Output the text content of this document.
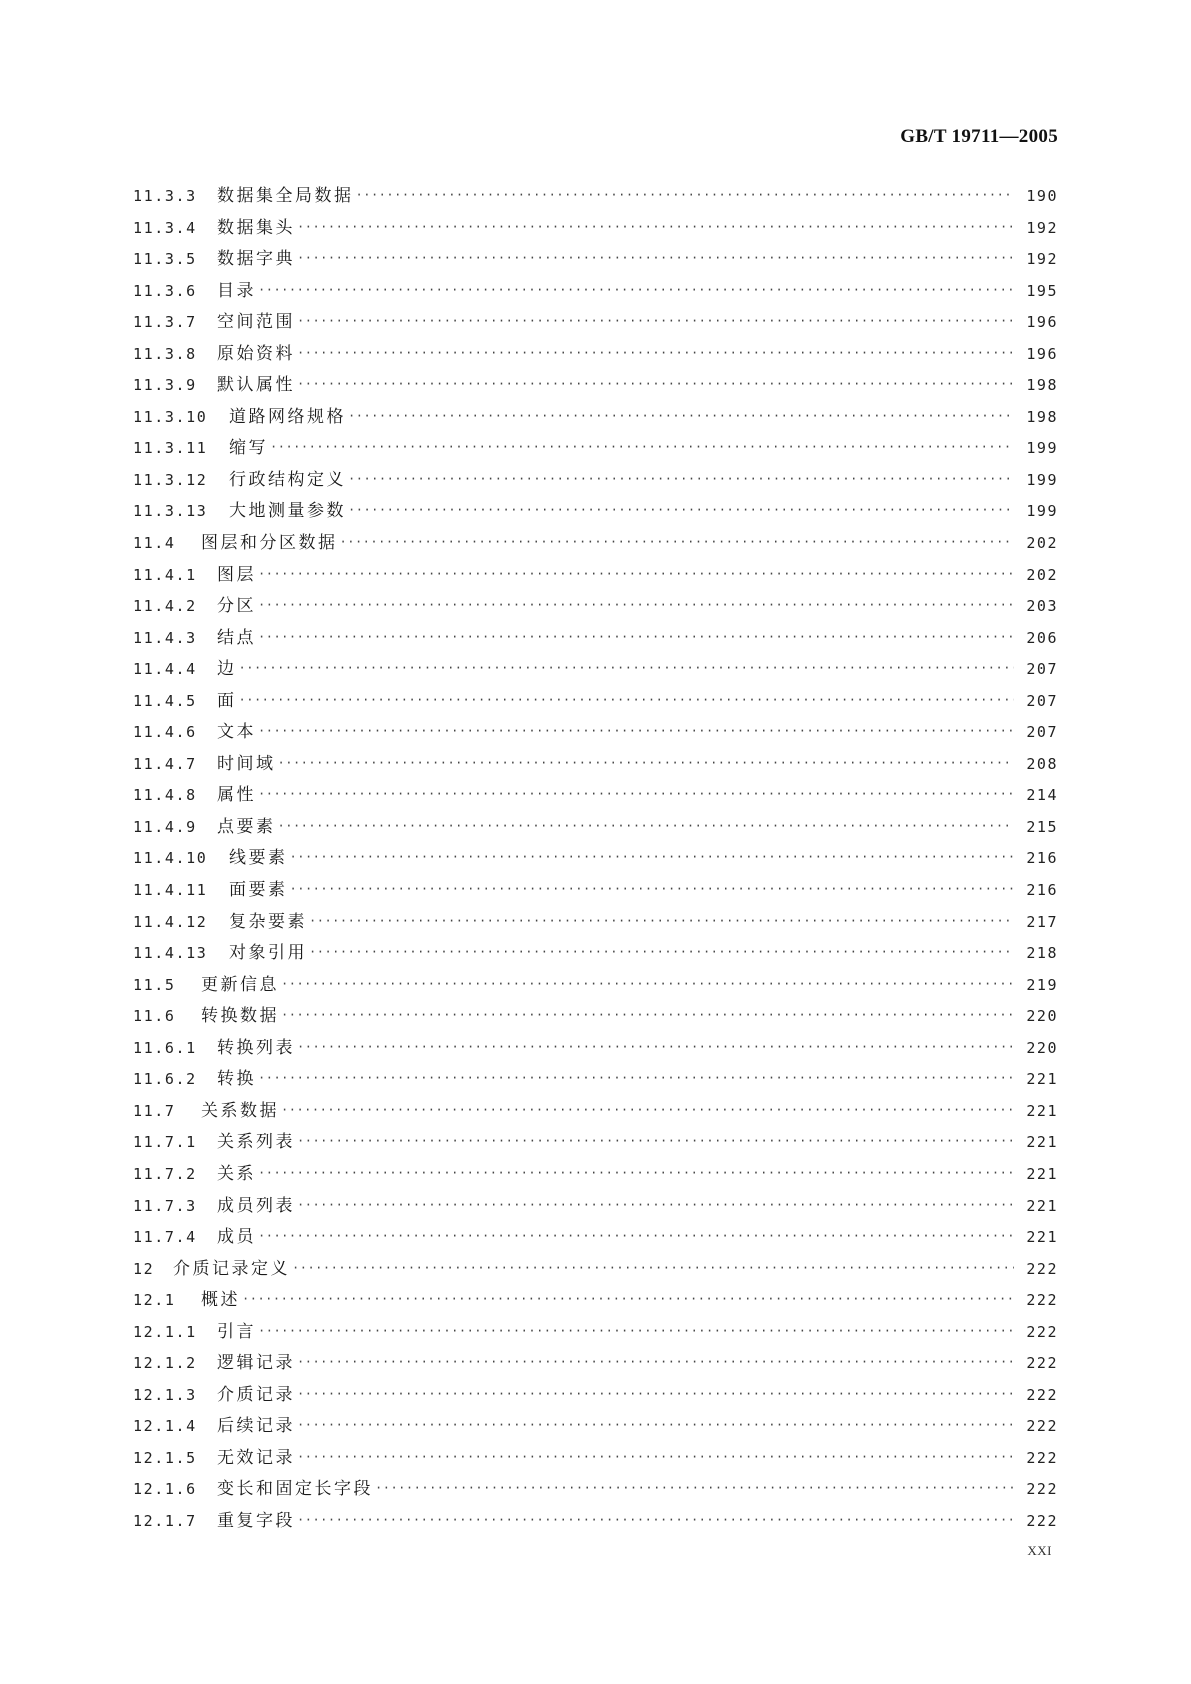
GB/T 19711—2005
11.3.3	数据集全局数据 ·····	190
11.3.4	数据集头 ·····	192
11.3.5	数据字典 ·····	192
11.3.6	目录 ·····	195
11.3.7	空间范围 ·····	196
11.3.8	原始资料 ·····	196
11.3.9	默认属性 ·····	198
11.3.10	道路网络规格 ·····	198
11.3.11	缩写 ·····	199
11.3.12	行政结构定义 ·····	199
11.3.13	大地测量参数 ·····	199
11.4	图层和分区数据 ·····	202
11.4.1	图层 ·····	202
11.4.2	分区 ·····	203
11.4.3	结点 ·····	206
11.4.4	边 ·····	207
11.4.5	面 ·····	207
11.4.6	文本 ·····	207
11.4.7	时间域 ·····	208
11.4.8	属性 ·····	214
11.4.9	点要素 ·····	215
11.4.10	线要素 ·····	216
11.4.11	面要素 ·····	216
11.4.12	复杂要素 ·····	217
11.4.13	对象引用 ·····	218
11.5	更新信息 ·····	219
11.6	转换数据 ·····	220
11.6.1	转换列表 ·····	220
11.6.2	转换 ·····	221
11.7	关系数据 ·····	221
11.7.1	关系列表 ·····	221
11.7.2	关系 ·····	221
11.7.3	成员列表 ·····	221
11.7.4	成员 ·····	221
12	介质记录定义 ·····	222
12.1	概述 ·····	222
12.1.1	引言 ·····	222
12.1.2	逻辑记录 ·····	222
12.1.3	介质记录 ·····	222
12.1.4	后续记录 ·····	222
12.1.5	无效记录 ·····	222
12.1.6	变长和固定长字段 ·····	222
12.1.7	重复字段 ·····	222
XXI
